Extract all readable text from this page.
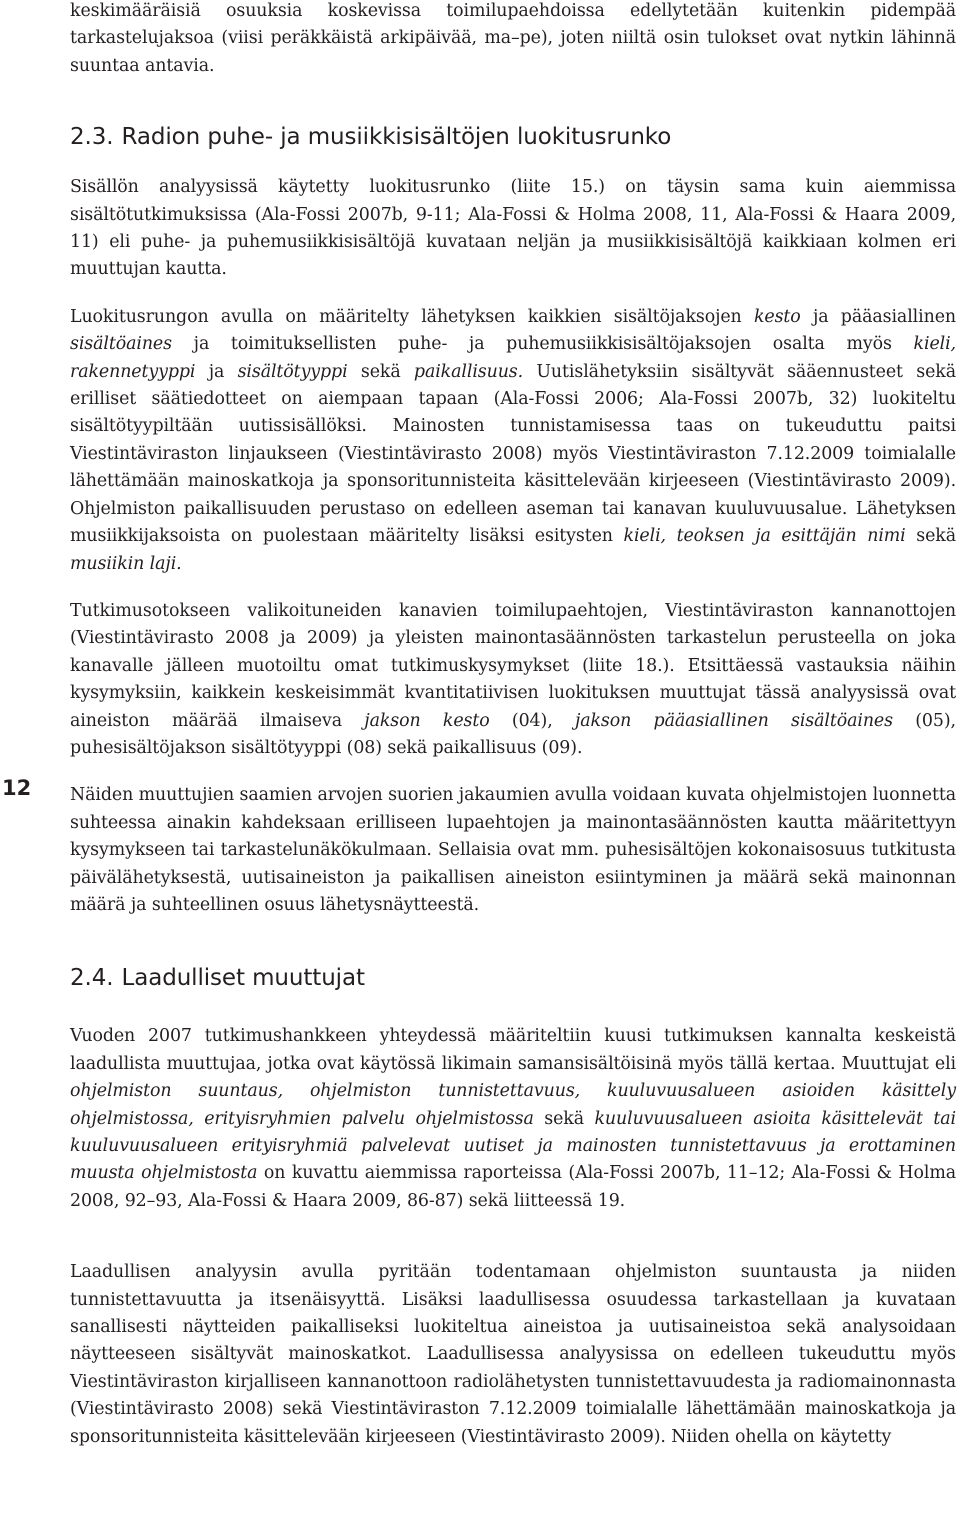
12

keskimääräisiä osuuksia koskevissa toimilupaehdoissa edellytetään kuitenkin pidempää tarkastelujaksoa (viisi peräkkäistä arkipäivää, ma–pe), joten niiltä osin tulokset ovat nytkin lähinnä suuntaa antavia.

2.3. Radion puhe- ja musiikkisisältöjen luokitusrunko

Sisällön analyysissä käytetty luokitusrunko (liite 15.) on täysin sama kuin aiemmissa sisältötutkimuksissa (Ala-Fossi 2007b, 9-11; Ala-Fossi & Holma 2008, 11, Ala-Fossi & Haara 2009, 11) eli puhe- ja puhemusiikkisisältöjä kuvataan neljän ja musiikkisisältöjä kaikkiaan kolmen eri muuttujan kautta.

Luokitusrungon avulla on määritelty lähetyksen kaikkien sisältöjaksojen kesto ja pääasiallinen sisältöaines ja toimituksellisten puhe- ja puhemusiikkisisältöjaksojen osalta myös kieli, rakennetyyppi ja sisältötyyppi sekä paikallisuus. Uutislähetyksiin sisältyvät sääennusteet sekä erilliset säätiedotteet on aiempaan tapaan (Ala-Fossi 2006; Ala-Fossi 2007b, 32) luokiteltu sisältötyypiltään uutissisällöksi. Mainosten tunnistamisessa taas on tukeuduttu paitsi Viestintäviraston linjaukseen (Viestintävirasto 2008) myös Viestintäviraston 7.12.2009 toimialalle lähettämään mainoskatkoja ja sponsoritunnisteita käsittelevään kirjeeseen (Viestintävirasto 2009). Ohjelmiston paikallisuuden perustaso on edelleen aseman tai kanavan kuuluvuusalue. Lähetyksen musiikkijaksoista on puolestaan määritelty lisäksi esitysten kieli, teoksen ja esittäjän nimi sekä musiikin laji.

Tutkimusotokseen valikoituneiden kanavien toimilupaehtojen, Viestintäviraston kannanottojen (Viestintävirasto 2008 ja 2009) ja yleisten mainontasäännösten tarkastelun perusteella on joka kanavalle jälleen muotoiltu omat tutkimuskysymykset (liite 18.). Etsittäessä vastauksia näihin kysymyksiin, kaikkein keskeisimmät kvantitatiivisen luokituksen muuttujat tässä analyysissä ovat aineiston määrää ilmaiseva jakson kesto (04), jakson pääasiallinen sisältöaines (05), puhesisältöjakson sisältötyyppi (08) sekä paikallisuus (09).

Näiden muuttujien saamien arvojen suorien jakaumien avulla voidaan kuvata ohjelmistojen luonnetta suhteessa ainakin kahdeksaan erilliseen lupaehtojen ja mainontasäännösten kautta määritettyyn kysymykseen tai tarkastelunäkökulmaan. Sellaisia ovat mm. puhesisältöjen kokonaisosuus tutkitusta päivälähetyksestä, uutisaineiston ja paikallisen aineiston esiintyminen ja määrä sekä mainonnan määrä ja suhteellinen osuus lähetysnäytteestä.

2.4. Laadulliset muuttujat

Vuoden 2007 tutkimushankkeen yhteydessä määriteltiin kuusi tutkimuksen kannalta keskeistä laadullista muuttujaa, jotka ovat käytössä likimain samansisältöisinä myös tällä kertaa. Muuttujat eli ohjelmiston suuntaus, ohjelmiston tunnistettavuus, kuuluvuusalueen asioiden käsittely ohjelmistossa, erityisryhmien palvelu ohjelmistossa sekä kuuluvuusalueen asioita käsittelevät tai kuuluvuusalueen erityisryhmiä palvelevat uutiset ja mainosten tunnistettavuus ja erottaminen muusta ohjelmistosta on kuvattu aiemmissa raporteissa (Ala-Fossi 2007b, 11–12; Ala-Fossi & Holma 2008, 92–93, Ala-Fossi & Haara 2009, 86-87) sekä liitteessä 19.

Laadullisen analyysin avulla pyritään todentamaan ohjelmiston suuntausta ja niiden tunnistettavuutta ja itsenäisyyttä. Lisäksi laadullisessa osuudessa tarkastellaan ja kuvataan sanallisesti näytteiden paikalliseksi luokiteltua aineistoa ja uutisaineistoa sekä analysoidaan näytteeseen sisältyvät mainoskatkot. Laadullisessa analyysissa on edelleen tukeuduttu myös Viestintäviraston kirjalliseen kannanottoon radiolähetysten tunnistettavuudesta ja radiomainonnasta (Viestintävirasto 2008) sekä Viestintäviraston 7.12.2009 toimialalle lähettämään mainoskatkoja ja sponsoritunnisteita käsittelevään kirjeeseen (Viestintävirasto 2009). Niiden ohella on käytetty
